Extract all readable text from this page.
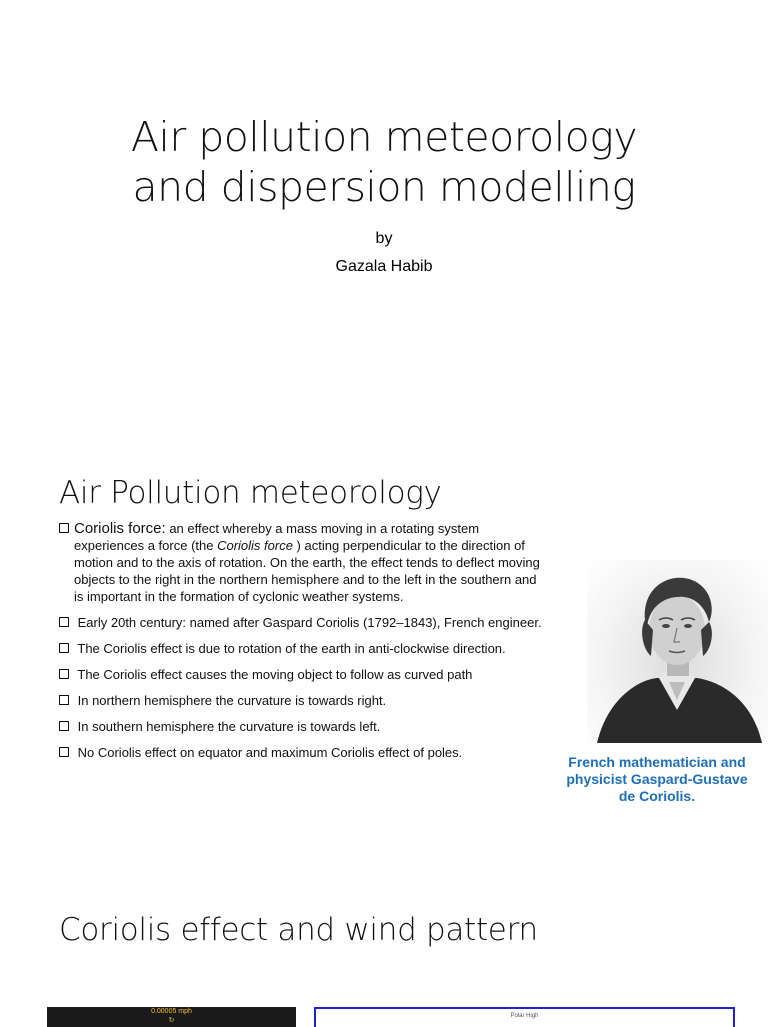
Air pollution meteorology
and dispersion modelling
by
Gazala Habib
Air Pollution meteorology
Coriolis force: an effect whereby a mass moving in a rotating system experiences a force (the Coriolis force ) acting perpendicular to the direction of motion and to the axis of rotation. On the earth, the effect tends to deflect moving objects to the right in the northern hemisphere and to the left in the southern and is important in the formation of cyclonic weather systems.
Early 20th century: named after Gaspard Coriolis (1792–1843), French engineer.
The Coriolis effect is due to rotation of the earth in anti-clockwise direction.
The Coriolis effect causes the moving object to follow as curved path
In northern hemisphere the curvature is towards right.
In southern hemisphere the curvature is towards left.
No Coriolis effect on equator and maximum Coriolis effect of poles.
French mathematician and physicist Gaspard-Gustave de Coriolis.
Coriolis effect and wind pattern
0.00005 mph
↻
Polar High
